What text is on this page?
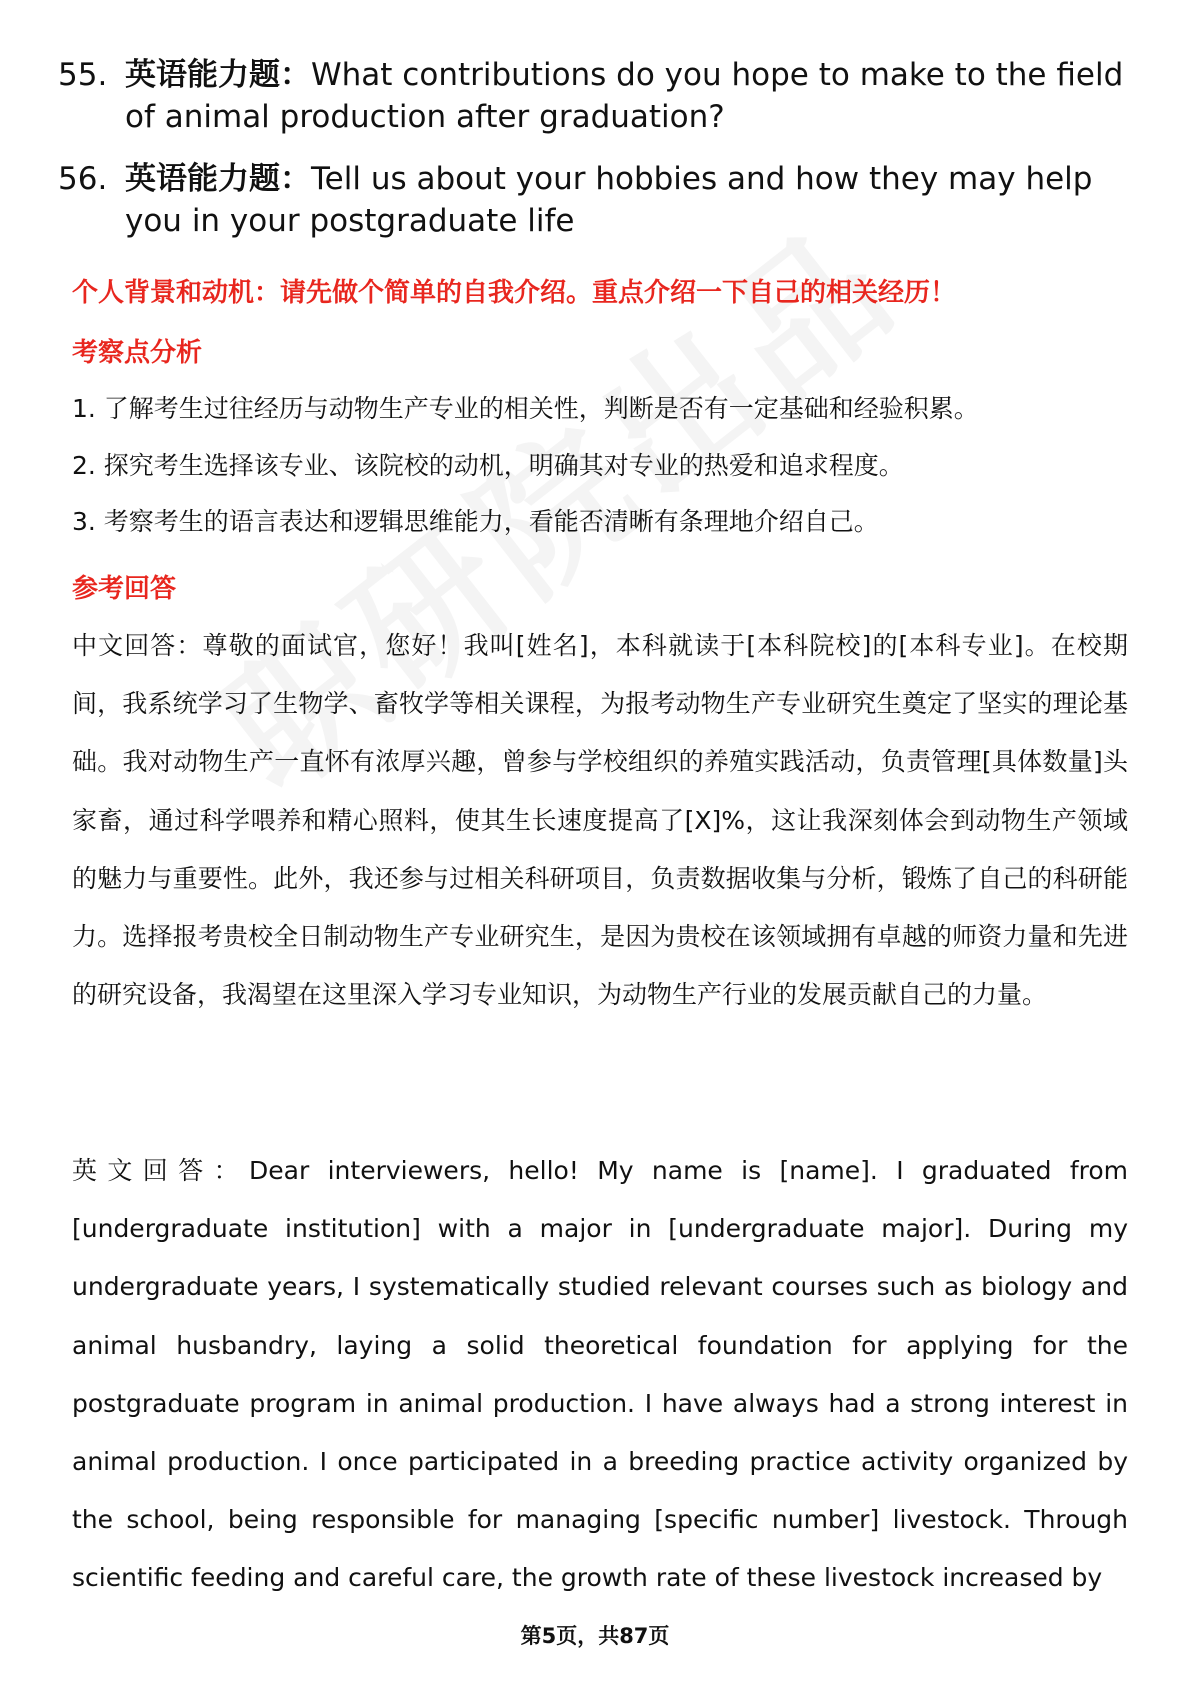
55. 英语能力题：What contributions do you hope to make to the field of animal production after graduation?
56. 英语能力题：Tell us about your hobbies and how they may help you in your postgraduate life
个人背景和动机：请先做个简单的自我介绍。重点介绍一下自己的相关经历！
考察点分析
1. 了解考生过往经历与动物生产专业的相关性，判断是否有一定基础和经验积累。
2. 探究考生选择该专业、该院校的动机，明确其对专业的热爱和追求程度。
3. 考察考生的语言表达和逻辑思维能力，看能否清晰有条理地介绍自己。
参考回答
中文回答：尊敬的面试官，您好！我叫[姓名]，本科就读于[本科院校]的[本科专业]。在校期间，我系统学习了生物学、畜牧学等相关课程，为报考动物生产专业研究生奠定了坚实的理论基础。我对动物生产一直怀有浓厚兴趣，曾参与学校组织的养殖实践活动，负责管理[具体数量]头家畜，通过科学喂养和精心照料，使其生长速度提高了[X]%，这让我深刻体会到动物生产领域的魅力与重要性。此外，我还参与过相关科研项目，负责数据收集与分析，锻炼了自己的科研能力。选择报考贵校全日制动物生产专业研究生，是因为贵校在该领域拥有卓越的师资力量和先进的研究设备，我渴望在这里深入学习专业知识，为动物生产行业的发展贡献自己的力量。
英文回答：Dear interviewers, hello! My name is [name]. I graduated from [undergraduate institution] with a major in [undergraduate major]. During my undergraduate years, I systematically studied relevant courses such as biology and animal husbandry, laying a solid theoretical foundation for applying for the postgraduate program in animal production. I have always had a strong interest in animal production. I once participated in a breeding practice activity organized by the school, being responsible for managing [specific number] livestock. Through scientific feeding and careful care, the growth rate of these livestock increased by
第5页，共87页
